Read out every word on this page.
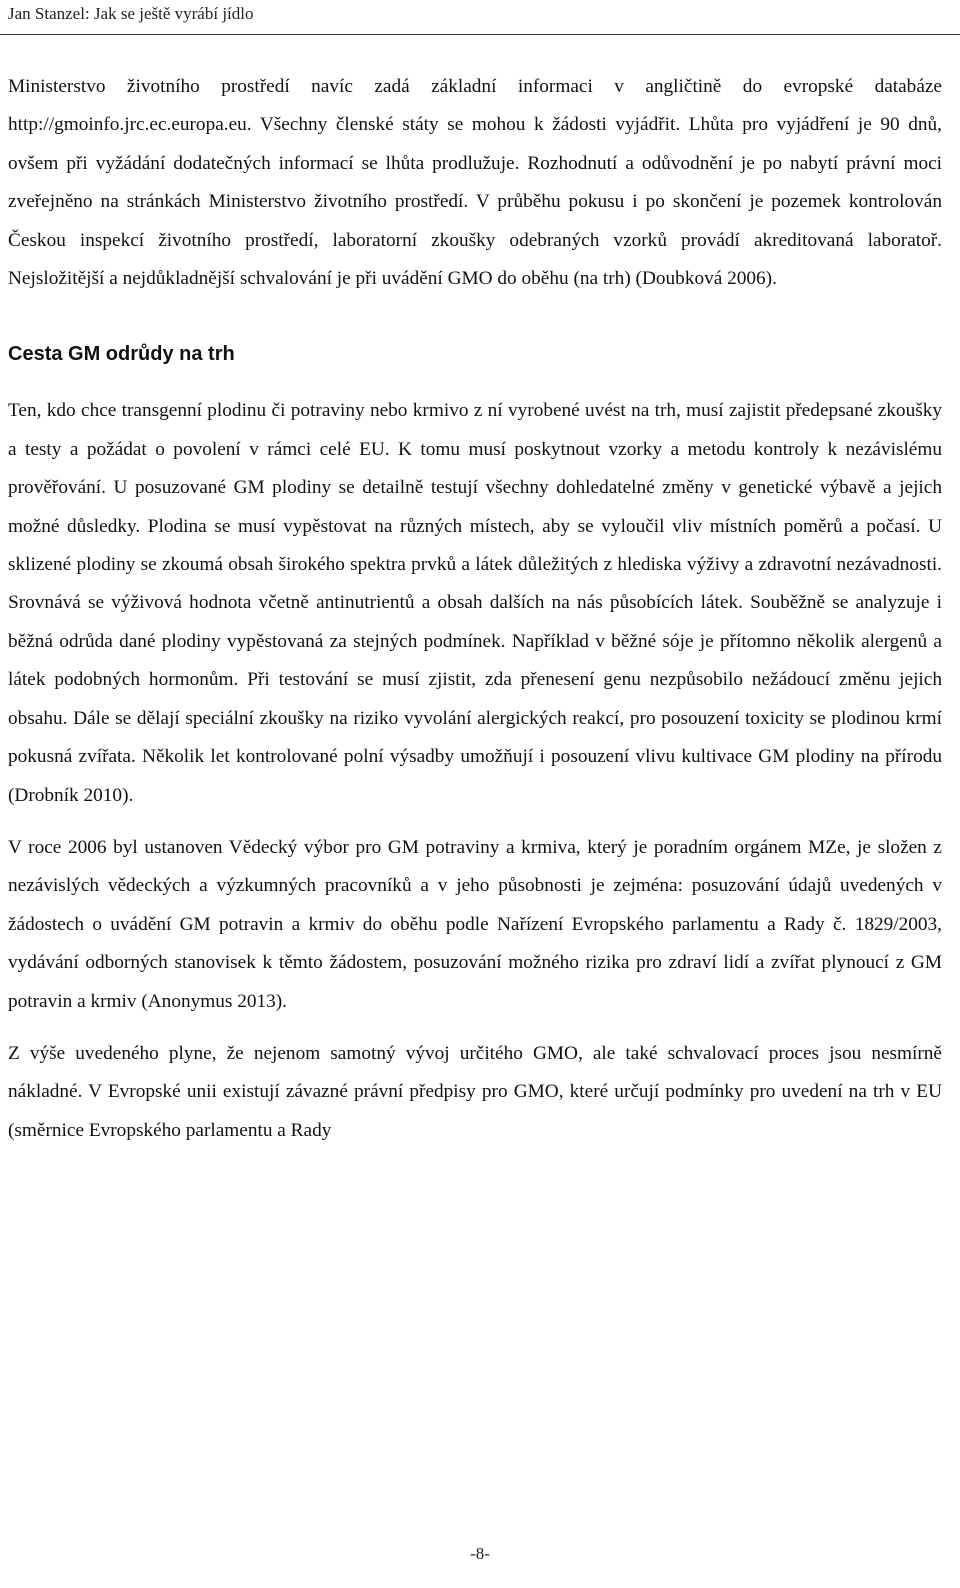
Jan Stanzel: Jak se ještě vyrábí jídlo

Ministerstvo životního prostředí navíc zadá základní informaci v angličtině do evropské databáze http://gmoinfo.jrc.ec.europa.eu. Všechny členské státy se mohou k žádosti vyjádřit. Lhůta pro vyjádření je 90 dnů, ovšem při vyžádání dodatečných informací se lhůta prodlužuje. Rozhodnutí a odůvodnění je po nabytí právní moci zveřejněno na stránkách Ministerstvo životního prostředí. V průběhu pokusu i po skončení je pozemek kontrolován Českou inspekcí životního prostředí, laboratorní zkoušky odebraných vzorků provádí akreditovaná laboratoř. Nejsložitější a nejdůkladnější schvalování je při uvádění GMO do oběhu (na trh) (Doubková 2006).

Cesta GM odrůdy na trh

Ten, kdo chce transgenní plodinu či potraviny nebo krmivo z ní vyrobené uvést na trh, musí zajistit předepsané zkoušky a testy a požádat o povolení v rámci celé EU. K tomu musí poskytnout vzorky a metodu kontroly k nezávislému prověřování. U posuzované GM plodiny se detailně testují všechny dohledatelné změny v genetické výbavě a jejich možné důsledky. Plodina se musí vypěstovat na různých místech, aby se vyloučil vliv místních poměrů a počasí. U sklizené plodiny se zkoumá obsah širokého spektra prvků a látek důležitých z hlediska výživy a zdravotní nezávadnosti. Srovnává se výživová hodnota včetně antinutrientů a obsah dalších na nás působících látek. Souběžně se analyzuje i běžná odrůda dané plodiny vypěstovaná za stejných podmínek. Například v běžné sóje je přítomno několik alergenů a látek podobných hormonům. Při testování se musí zjistit, zda přenesení genu nezpůsobilo nežádoucí změnu jejich obsahu. Dále se dělají speciální zkoušky na riziko vyvolání alergických reakcí, pro posouzení toxicity se plodinou krmí pokusná zvířata. Několik let kontrolované polní výsadby umožňují i posouzení vlivu kultivace GM plodiny na přírodu (Drobník 2010).

V roce 2006 byl ustanoven Vědecký výbor pro GM potraviny a krmiva, který je poradním orgánem MZe, je složen z nezávislých vědeckých a výzkumných pracovníků a v jeho působnosti je zejména: posuzování údajů uvedených v žádostech o uvádění GM potravin a krmiv do oběhu podle Nařízení Evropského parlamentu a Rady č. 1829/2003, vydávání odborných stanovisek k těmto žádostem, posuzování možného rizika pro zdraví lidí a zvířat plynoucí z GM potravin a krmiv (Anonymus 2013).

Z výše uvedeného plyne, že nejenom samotný vývoj určitého GMO, ale také schvalovací proces jsou nesmírně nákladné. V Evropské unii existují závazné právní předpisy pro GMO, které určují podmínky pro uvedení na trh v EU (směrnice Evropského parlamentu a Rady

-8-
